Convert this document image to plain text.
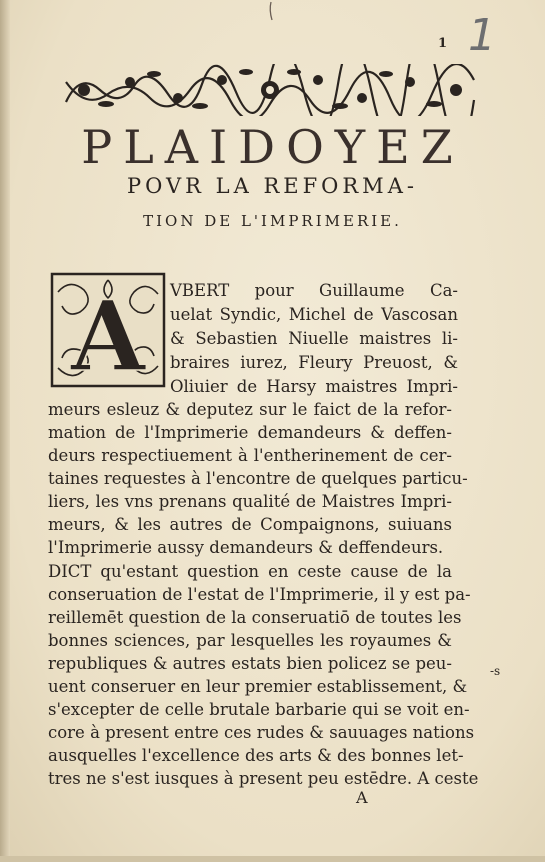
1 1
PLAIDOYEZ
POVR LA REFORMA-
TION DE L'IMPRIMERIE.
A VBERT pour Guillaume Ca-
uelat Syndic, Michel de Vascosan
& Sebastien Niuelle maistres li-
braires iurez, Fleury Preuost, &
Oliuier de Harsy maistres Impri-
meurs esleuz & deputez sur le faict de la refor-
mation de l'Imprimerie demandeurs & deffen-
deurs respectiuement à l'entherinement de cer-
taines requestes à l'encontre de quelques particu-
liers, les vns prenans qualité de Maistres Impri-
meurs, & les autres de Compaignons, suiuans
l'Imprimerie aussy demandeurs & deffendeurs.
DICT qu'estant question en ceste cause de la
conseruation de l'estat de l'Imprimerie, il y est pa-
reillemēt question de la conseruatiō de toutes les
bonnes sciences, par lesquelles les royaumes &
republiques & autres estats bien policez se peu-
uent conseruer en leur premier establissement, &
s'excepter de celle brutale barbarie qui se voit en-
core à present entre ces rudes & sauuages nations
ausquelles l'excellence des arts & des bonnes let-
tres ne s'est iusques à present peu estēdre. A ceste
A
-s
